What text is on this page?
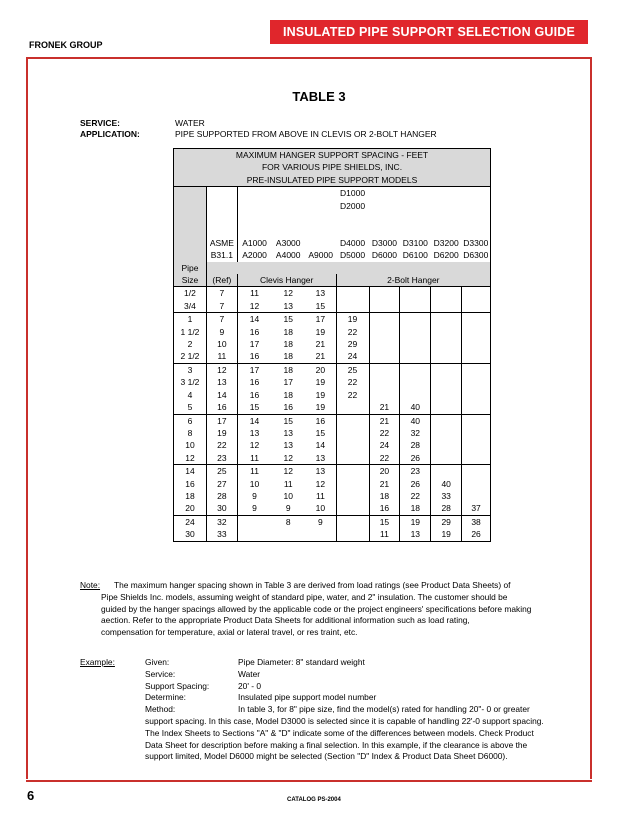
INSULATED PIPE SUPPORT SELECTION GUIDE
FRONEK GROUP
6	CATALOG PS-2004
TABLE 3
SERVICE:	WATER
APPLICATION:	PIPE SUPPORTED FROM ABOVE IN CLEVIS OR 2-BOLT HANGER
MAXIMUM HANGER SUPPORT SPACING - FEET									
FOR VARIOUS PIPE SHIELDS, INC.									
PRE-INSULATED PIPE SUPPORT MODELS									
					D1000				
					D2000				

	ASME	A1000	A3000		D4000	D3000	D3100	D3200	D3300
	B31.1	A2000	A4000	A9000	D5000	D6000	D6100	D6200	D6300
Pipe									
Size	(Ref)	Clevis Hanger			2-Bolt Hanger				
1/2	7	11	12	13					
3/4	7	12	13	15					
1	7	14	15	17	19				
1 1/2	9	16	18	19	22				
2	10	17	18	21	29				
2 1/2	11	16	18	21	24				
3	12	17	18	20	25				
3 1/2	13	16	17	19	22				
4	14	16	18	19	22				
5	16	15	16	19		21	40		
6	17	14	15	16		21	40		
8	19	13	13	15		22	32		
10	22	12	13	14		24	28		
12	23	11	12	13		22	26		
14	25	11	12	13		20	23		
16	27	10	11	12		21	26	40	
18	28	9	10	11		18	22	33	
20	30	9	9	10		16	18	28	37
24	32		8	9		15	19	29	38
30	33					11	13	19	26
Note: The maximum hanger spacing shown in Table 3 are derived from load ratings (see Product Data Sheets) of
Pipe Shields Inc. models, assuming weight of standard pipe, water, and 2" insulation. The customer should be
guided by the hanger spacings allowed by the applicable code or the project engineers' specifications before making
aection. Refer to the appropriate Product Data Sheets for additional information such as load rating,
compensation for temperature, axial or lateral travel, or res traint, etc.
Example:	Given:	Pipe Diameter: 8" standard weight
Service:	Water
Support Spacing:	20' - 0
Determine:	Insulated pipe support model number
Method:	In table 3, for 8" pipe size, find the model(s) rated for handling 20"- 0 or greater
support spacing. In this case, Model D3000 is selected since it is capable of handling 22'-0 support spacing.
The Index Sheets to Sections "A" & "D" indicate some of the differences between models. Check Product
Data Sheet for description before making a final selection. In this example, if the clearance is above the
support limited, Model D6000 might be selected (Section "D" Index & Product Data Sheet D6000).
